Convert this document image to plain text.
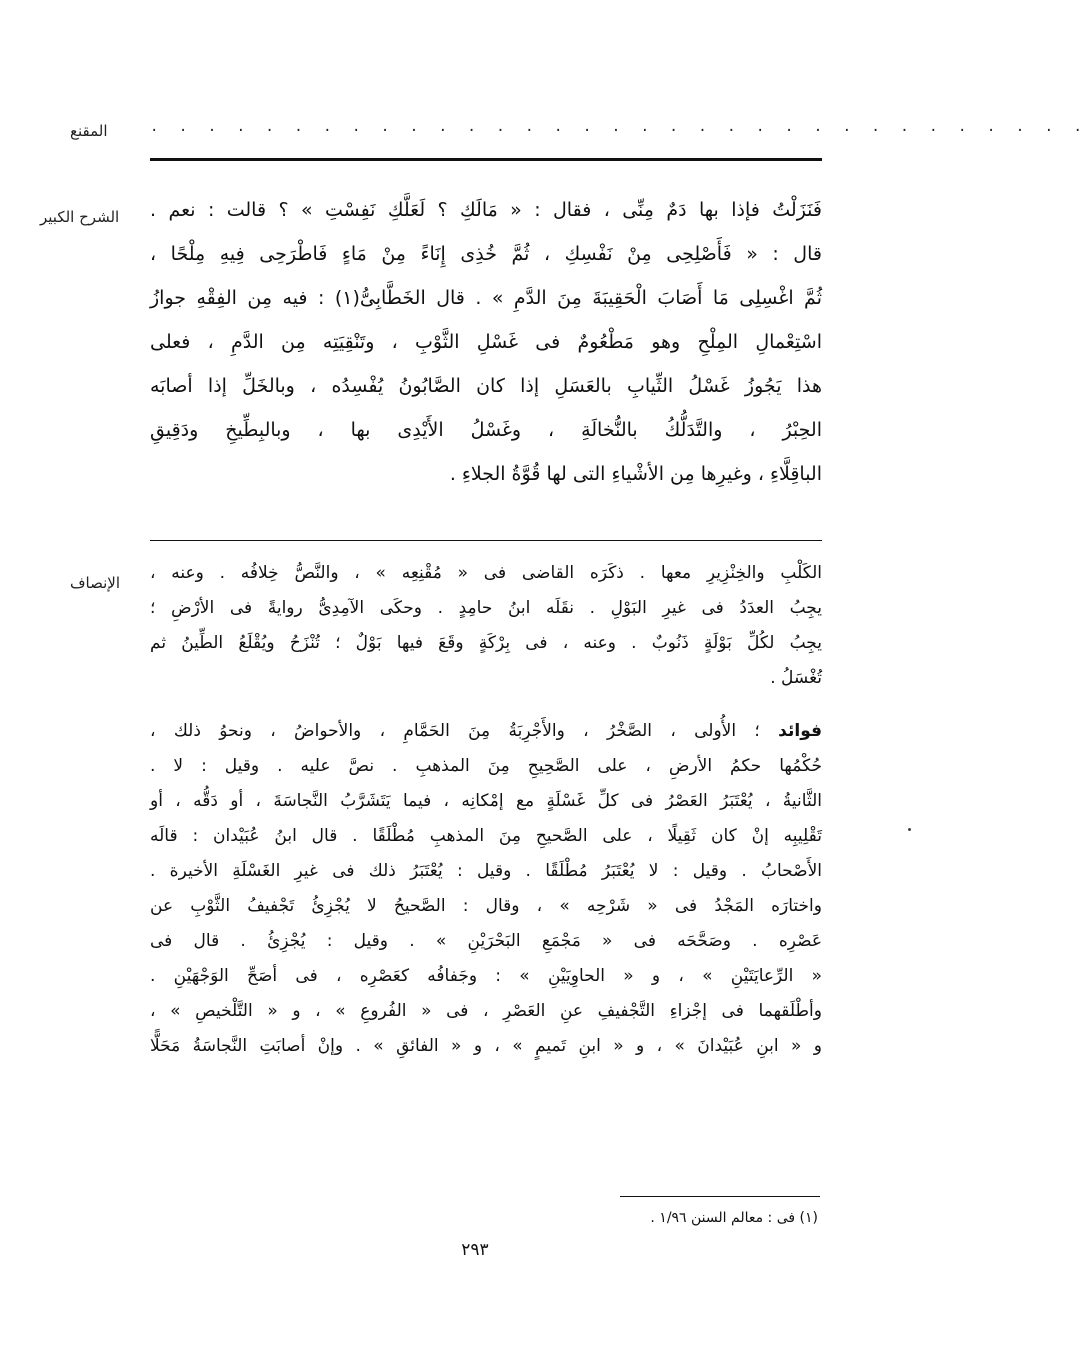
المقنع	. . . . . . . . . . . . . . . . . . . . . . . . . . . . . . . . .
الشرح الكبير فَنَزَلْتُ فإذا بها دَمٌ مِنِّى ، فقال : « مَالَكِ ؟ لَعَلَّكِ نَفِسْتِ » ؟ قالت : نعم .
قال : « فَأَصْلِحِى مِنْ نَفْسِكِ ، ثُمَّ خُذِى إِنَاءً مِنْ مَاءٍ فَاطْرَحِى فِيهِ مِلْحًا ،
ثُمَّ اغْسِلِى مَا أَصَابَ الْحَقِيبَةَ مِنَ الدَّمِ » . قال الخَطَّابِىُّ(١) : فيه مِن الفِقْهِ جوازُ
اسْتِعْمالِ المِلْحِ وهو مَطْعُومٌ فى غَسْلِ الثَّوْبِ ، وتَنْقِيَتِه مِن الدَّمِ ، فعلى
هذا يَجُوزُ غَسْلُ الثِّيابِ بالعَسَلِ إذا كان الصَّابُونُ يُفْسِدُه ، وبالخَلِّ إذا أصابَه
الحِبْرُ ، والتَّدَلُّكُ بالنُّخالَةِ ، وغَسْلُ الأَيْدِى بها ، وبالبِطِّيخِ ودَقِيقِ
الباقِلَّاءِ ، وغيرِها مِن الأشْياءِ التى لها قُوَّةُ الجلاءِ .
الإنصاف الكَلْبِ والخِنْزِيرِ معها . ذكَرَه القاضى فى « مُقْنِعِه » ، والنَّصُّ خِلافُه . وعنه ،
يجِبُ العدَدُ فى غيرِ البَوْلِ . نقَلَه ابنُ حامِدٍ . وحكَى الآمِدِىُّ روايةً فى الأرْضِ ؛
يجِبُ لكُلِّ بَوْلَةٍ ذَنُوبٌ . وعنه ، فى بِرْكَةٍ وقَعَ فيها بَوْلٌ ؛ تُنْزَحُ ويُقْلَعُ الطِّينُ ثم
تُغْسَلُ .
فوائد ؛ الأُولى ، الصَّخْرُ ، والأَجْرِبَةُ مِنَ الحَمَّامِ ، والأحواضُ ، ونحوُ ذلك ،
حُكْمُها حكمُ الأرضِ ، على الصَّحِيحِ مِنَ المذهبِ . نصَّ عليه . وقيل : لا .
الثَّانيةُ ، يُعْتَبَرُ العَصْرُ فى كلِّ غَسْلَةٍ مع إمْكانِه ، فيما يَتَشَرَّبُ النَّجاسَةَ ، أو دَقُّه ، أو
تَقْلِيبِه إنْ كان ثَقِيلًا ، على الصَّحيحِ مِنَ المذهبِ مُطْلَقًا . قال ابنُ عُبَيْدان : قالَه
الأَصْحابُ . وقيل : لا يُعْتَبَرُ مُطْلَقًا . وقيل : يُعْتَبَرُ ذلك فى غيرِ الغَسْلَةِ الأخيرة .
واختارَه المَجْدُ فى « شَرْحِه » ، وقال : الصَّحيحُ لا يُجْزِئُ تَجْفيفُ الثَّوْبِ عن
عَصْرِه . وصَحَّحَه فى « مَجْمَعِ البَحْرَيْنِ » . وقيل : يُجْزِئُ . قال فى
« الرِّعايَتَيْنِ » ، و « الحاوِيَيْنِ » : وجَفافُه كعَصْرِه ، فى أصَحِّ الوَجْهَيْنِ .
وأطْلَقهما فى إجْزاءِ التَّجْفيفِ عنِ العَصْرِ ، فى « الفُروعِ » ، و « التَّلْخيصِ » ،
و « ابنِ عُبَيْدانَ » ، و « ابنِ تَميمٍ » ، و « الفائقِ » . وإنْ أصابَتِ النَّجاسَةُ مَحَلًّا
(١) فى : معالم السنن ١/٩٦ .
٢٩٣
